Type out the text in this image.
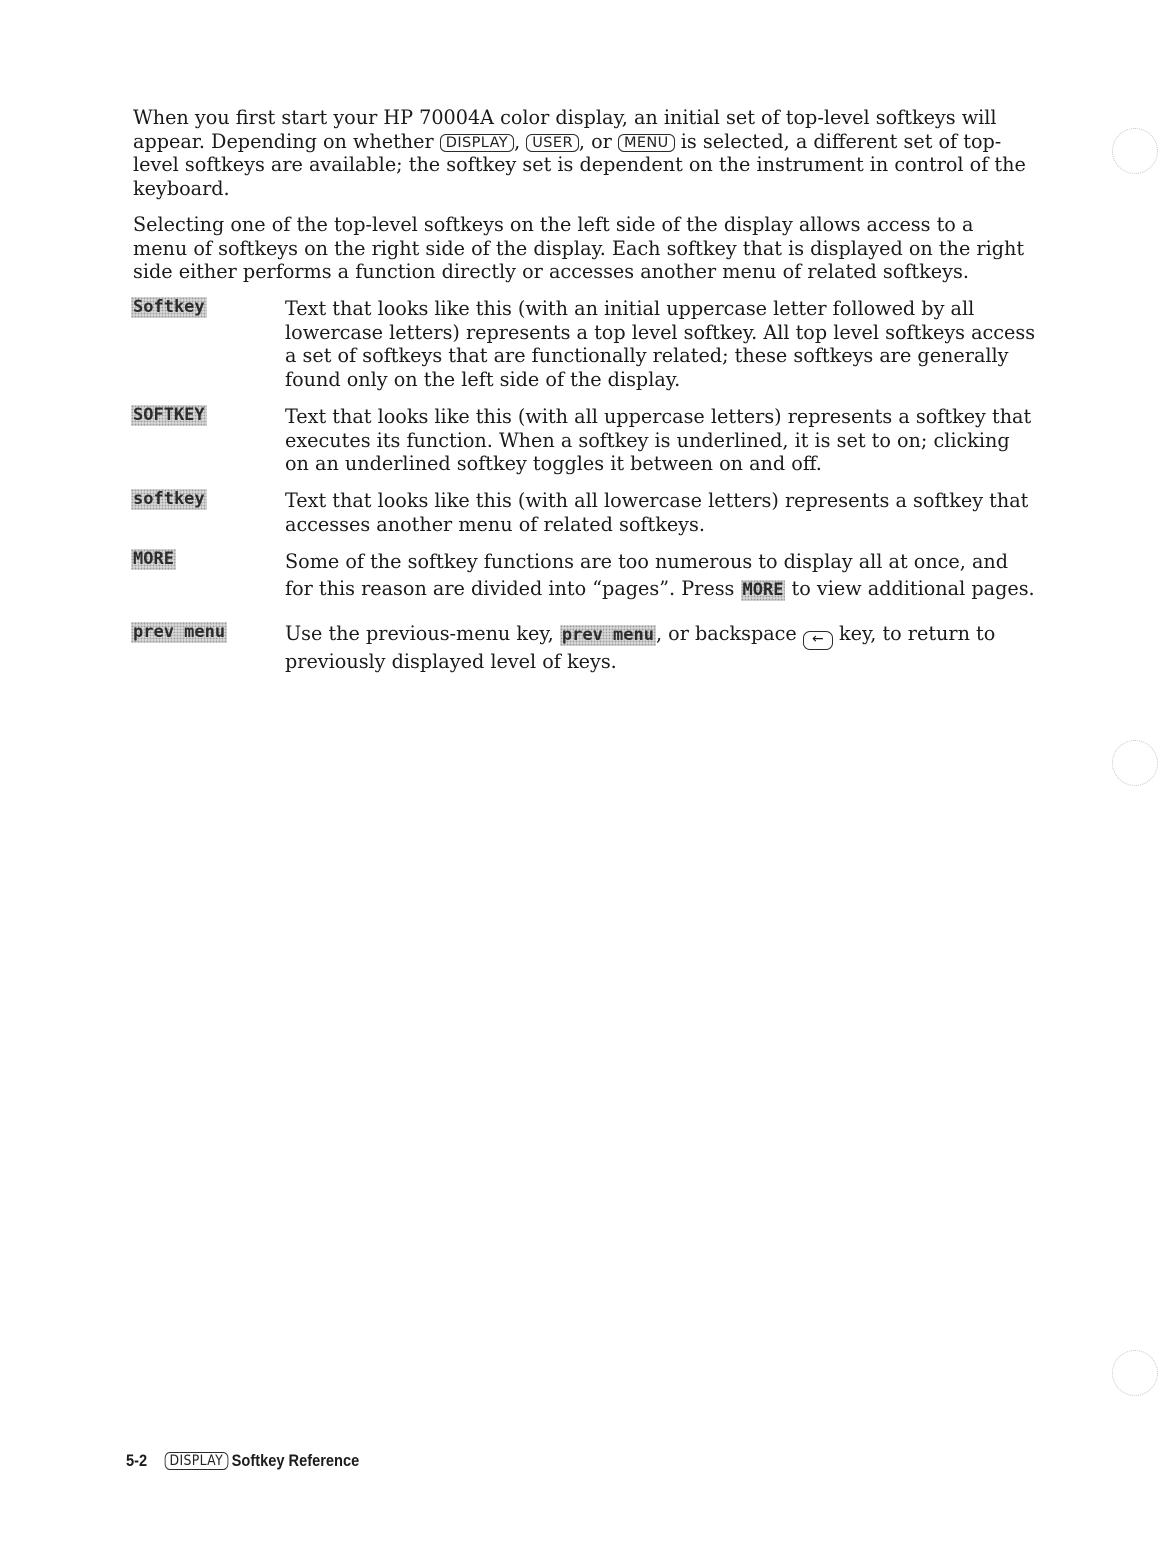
When you first start your HP 70004A color display, an initial set of top-level softkeys will appear. Depending on whether DISPLAY , USER , or MENU is selected, a different set of top-level softkeys are available; the softkey set is dependent on the instrument in control of the keyboard.

Selecting one of the top-level softkeys on the left side of the display allows access to a menu of softkeys on the right side of the display. Each softkey that is displayed on the right side either performs a function directly or accesses another menu of related softkeys.

Softkey	Text that looks like this (with an initial uppercase letter followed by all lowercase letters) represents a top level softkey. All top level softkeys access a set of softkeys that are functionally related; these softkeys are generally found only on the left side of the display.

SOFTKEY	Text that looks like this (with all uppercase letters) represents a softkey that executes its function. When a softkey is underlined, it is set to on; clicking on an underlined softkey toggles it between on and off.

softkey	Text that looks like this (with all lowercase letters) represents a softkey that accesses another menu of related softkeys.

MORE	Some of the softkey functions are too numerous to display all at once, and for this reason are divided into “pages”. Press MORE to view additional pages.

prev menu	Use the previous-menu key, prev menu , or backspace ← key, to return to previously displayed level of keys.

5-2 DISPLAY Softkey Reference
